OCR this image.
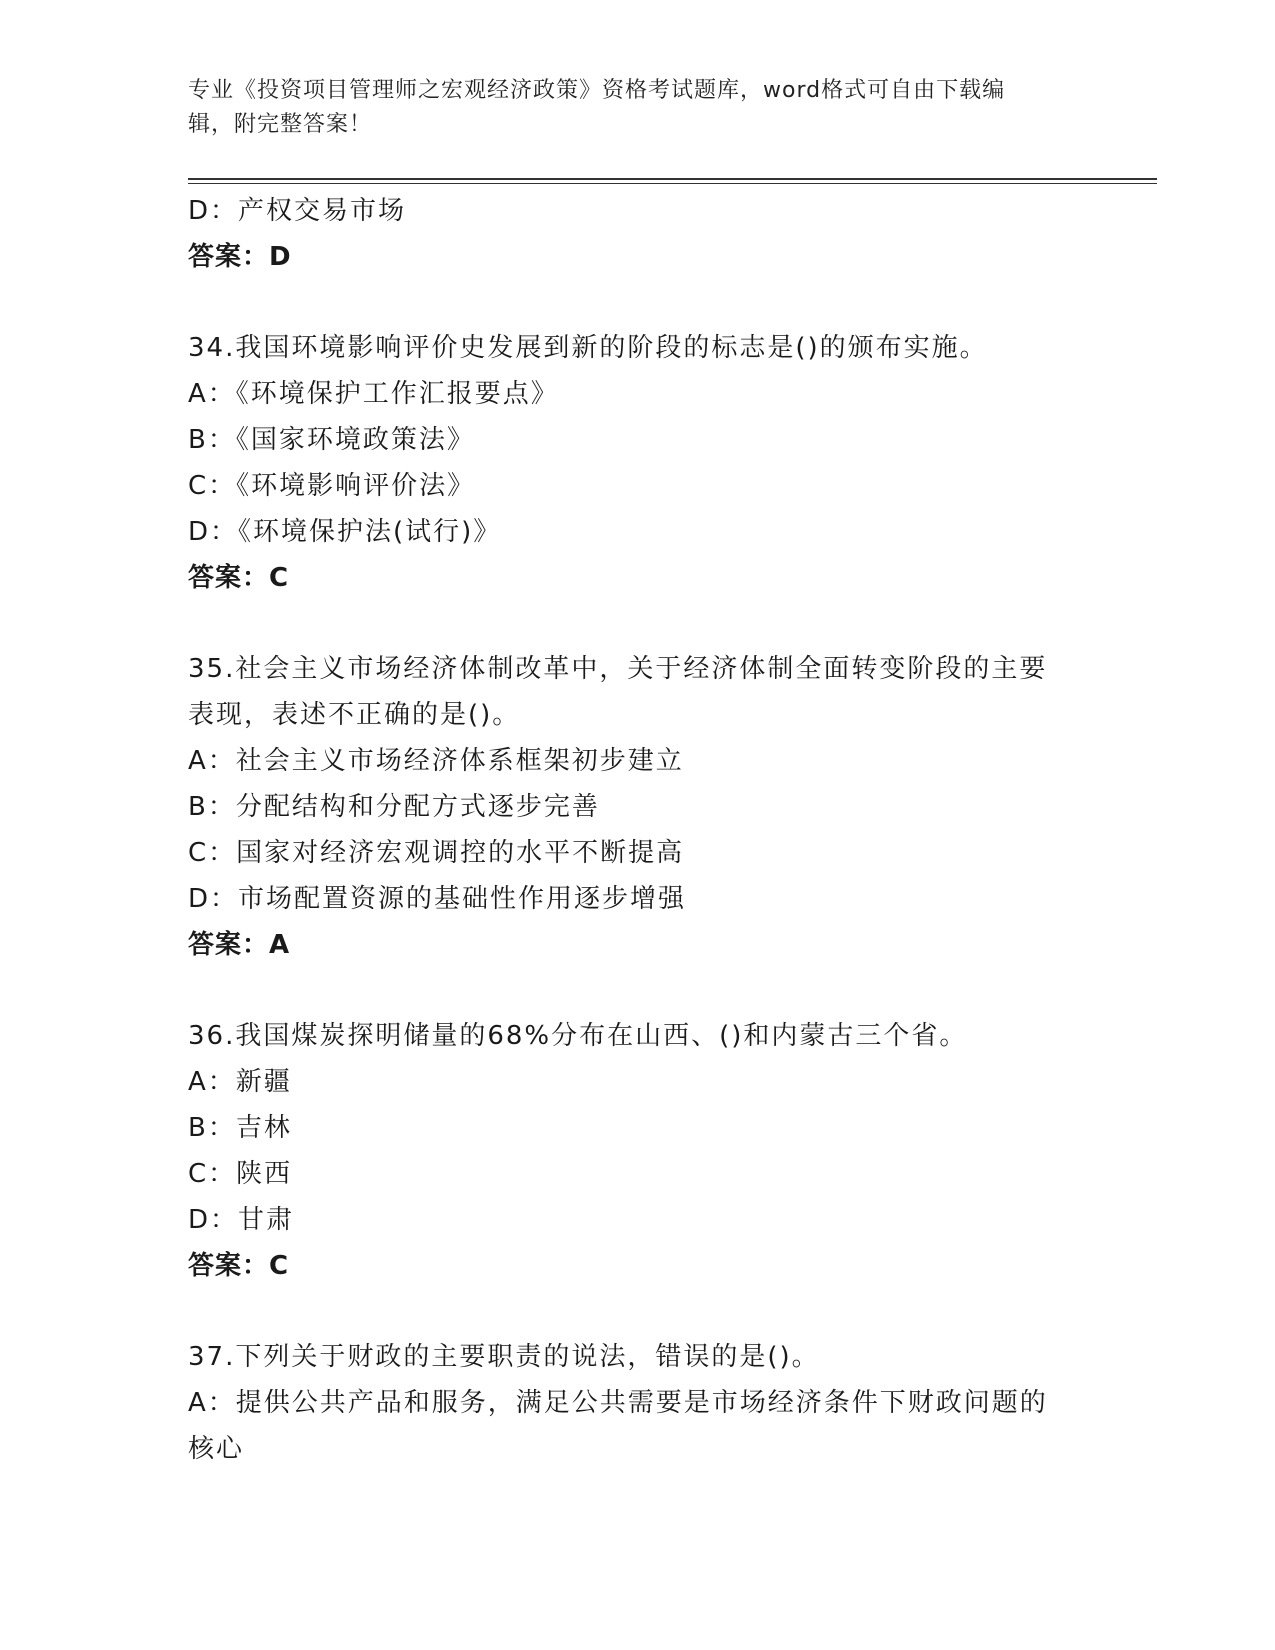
专业《投资项目管理师之宏观经济政策》资格考试题库，word格式可自由下载编
辑，附完整答案！
D：产权交易市场
答案：D
34.我国环境影响评价史发展到新的阶段的标志是()的颁布实施。
A：《环境保护工作汇报要点》
B：《国家环境政策法》
C：《环境影响评价法》
D：《环境保护法(试行)》
答案：C
35.社会主义市场经济体制改革中，关于经济体制全面转变阶段的主要
表现，表述不正确的是()。
A：社会主义市场经济体系框架初步建立
B：分配结构和分配方式逐步完善
C：国家对经济宏观调控的水平不断提高
D：市场配置资源的基础性作用逐步增强
答案：A
36.我国煤炭探明储量的68%分布在山西、()和内蒙古三个省。
A：新疆
B：吉林
C：陕西
D：甘肃
答案：C
37.下列关于财政的主要职责的说法，错误的是()。
A：提供公共产品和服务，满足公共需要是市场经济条件下财政问题的
核心
